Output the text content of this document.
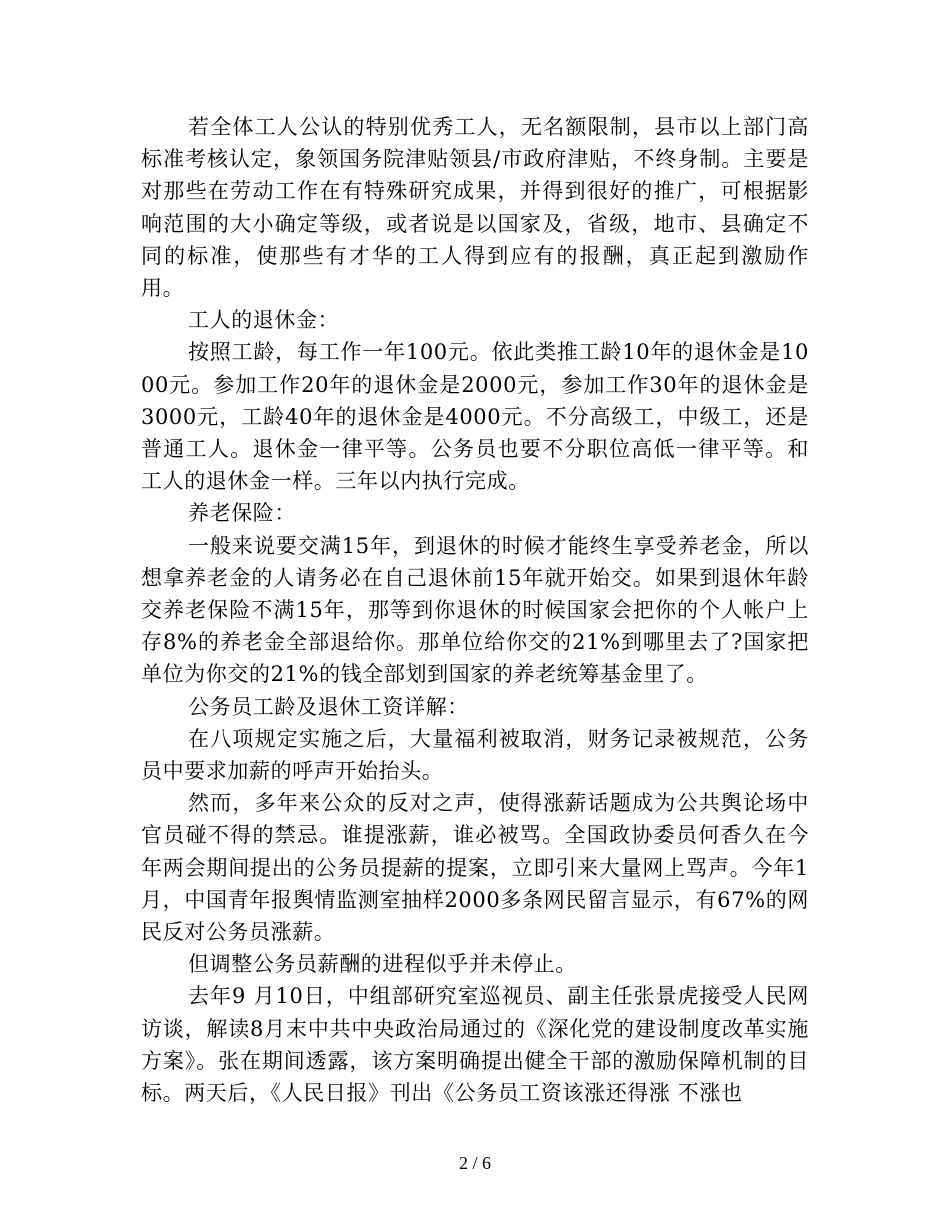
若全体工人公认的特别优秀工人，无名额限制，县市以上部门高标准考核认定，象领国务院津贴领县/市政府津贴，不终身制。主要是对那些在劳动工作在有特殊研究成果，并得到很好的推广，可根据影响范围的大小确定等级，或者说是以国家及，省级，地市、县确定不同的标准，使那些有才华的工人得到应有的报酬，真正起到激励作用。

工人的退休金：

按照工龄，每工作一年100元。依此类推工龄10年的退休金是1000元。参加工作20年的退休金是2000元，参加工作30年的退休金是3000元，工龄40年的退休金是4000元。不分高级工，中级工，还是普通工人。退休金一律平等。公务员也要不分职位高低一律平等。和工人的退休金一样。三年以内执行完成。

养老保险：

一般来说要交满15年，到退休的时候才能终生享受养老金，所以想拿养老金的人请务必在自己退休前15年就开始交。如果到退休年龄交养老保险不满15年，那等到你退休的时候国家会把你的个人帐户上存8%的养老金全部退给你。那单位给你交的21%到哪里去了?国家把单位为你交的21%的钱全部划到国家的养老统筹基金里了。

公务员工龄及退休工资详解：

在八项规定实施之后，大量福利被取消，财务记录被规范，公务员中要求加薪的呼声开始抬头。

然而，多年来公众的反对之声，使得涨薪话题成为公共舆论场中官员碰不得的禁忌。谁提涨薪，谁必被骂。全国政协委员何香久在今年两会期间提出的公务员提薪的提案，立即引来大量网上骂声。今年1月，中国青年报舆情监测室抽样2000多条网民留言显示，有67%的网民反对公务员涨薪。

但调整公务员薪酬的进程似乎并未停止。

去年9 月10日，中组部研究室巡视员、副主任张景虎接受人民网访谈，解读8月末中共中央政治局通过的《深化党的建设制度改革实施方案》。张在期间透露，该方案明确提出健全干部的激励保障机制的目标。两天后，《人民日报》刊出《公务员工资该涨还得涨 不涨也

2 / 6
